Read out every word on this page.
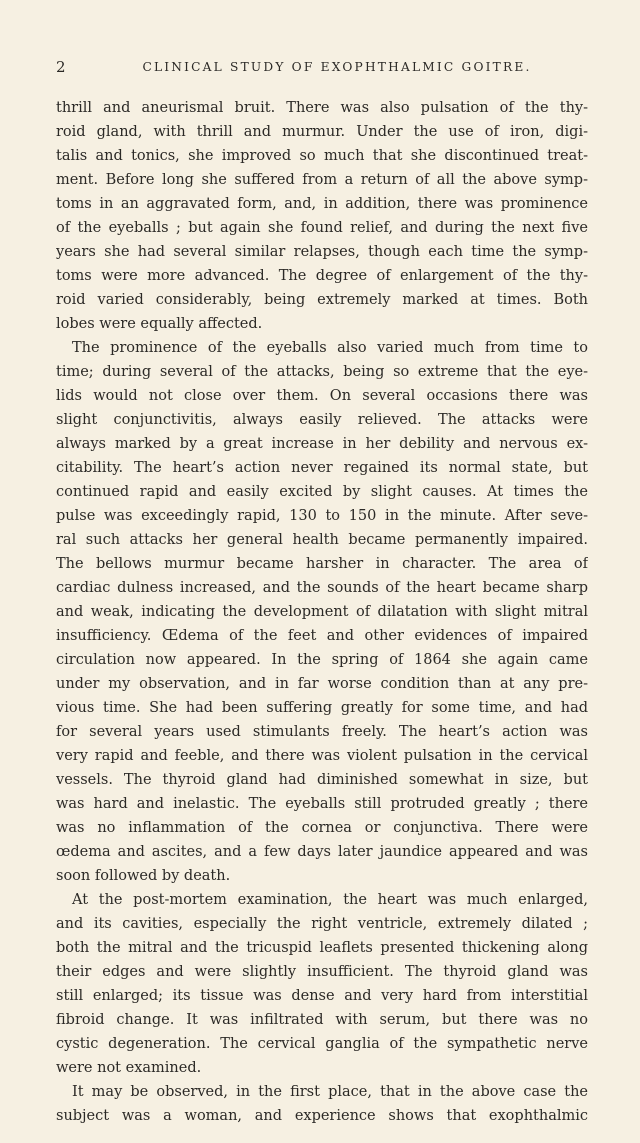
2	CLINICAL STUDY OF EXOPHTHALMIC GOITRE.
thrill and aneurismal bruit. There was also pulsation of the thy-
roid gland, with thrill and murmur. Under the use of iron, digi-
talis and tonics, she improved so much that she discontinued treat-
ment. Before long she suffered from a return of all the above symp-
toms in an aggravated form, and, in addition, there was prominence
of the eyeballs ; but again she found relief, and during the next five
years she had several similar relapses, though each time the symp-
toms were more advanced. The degree of enlargement of the thy-
roid varied considerably, being extremely marked at times. Both
lobes were equally affected.
The prominence of the eyeballs also varied much from time to
time; during several of the attacks, being so extreme that the eye-
lids would not close over them. On several occasions there was
slight conjunctivitis, always easily relieved. The attacks were
always marked by a great increase in her debility and nervous ex-
citability. The heart’s action never regained its normal state, but
continued rapid and easily excited by slight causes. At times the
pulse was exceedingly rapid, 130 to 150 in the minute. After seve-
ral such attacks her general health became permanently impaired.
The bellows murmur became harsher in character. The area of
cardiac dulness increased, and the sounds of the heart became sharp
and weak, indicating the development of dilatation with slight mitral
insufficiency. Œdema of the feet and other evidences of impaired
circulation now appeared. In the spring of 1864 she again came
under my observation, and in far worse condition than at any pre-
vious time. She had been suffering greatly for some time, and had
for several years used stimulants freely. The heart’s action was
very rapid and feeble, and there was violent pulsation in the cervical
vessels. The thyroid gland had diminished somewhat in size, but
was hard and inelastic. The eyeballs still protruded greatly ; there
was no inflammation of the cornea or conjunctiva. There were
œdema and ascites, and a few days later jaundice appeared and was
soon followed by death.
At the post-mortem examination, the heart was much enlarged,
and its cavities, especially the right ventricle, extremely dilated ;
both the mitral and the tricuspid leaflets presented thickening along
their edges and were slightly insufficient. The thyroid gland was
still enlarged; its tissue was dense and very hard from interstitial
fibroid change. It was infiltrated with serum, but there was no
cystic degeneration. The cervical ganglia of the sympathetic nerve
were not examined.
It may be observed, in the first place, that in the above case the
subject was a woman, and experience shows that exophthalmic
